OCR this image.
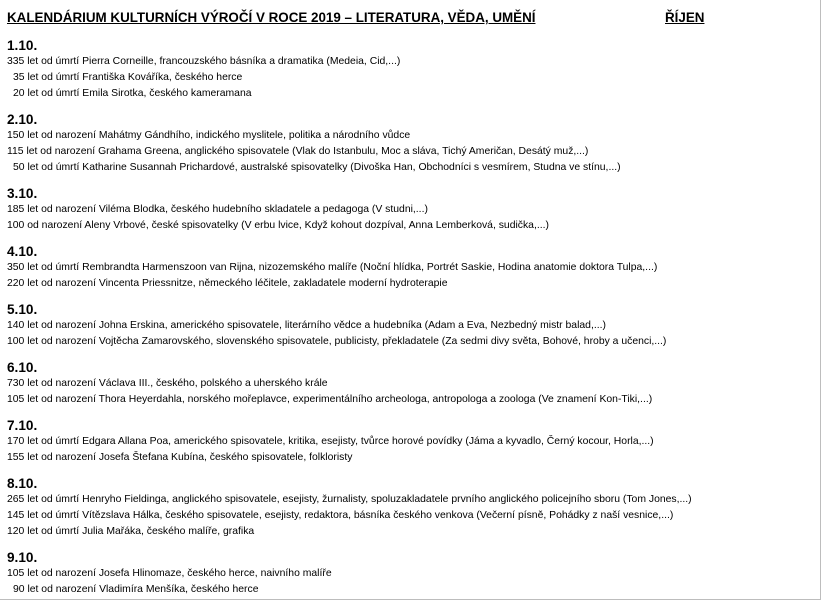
KALENDÁRIUM KULTURNÍCH VÝROČÍ V ROCE 2019 – LITERATURA, VĚDA, UMĚNÍ	ŘÍJEN
1.10.
335 let od úmrtí Pierra Corneille, francouzského básníka a dramatika (Medeia, Cid,...)
35 let od úmrtí Františka Kováříka, českého herce
20 let od úmrtí Emila Sirotka, českého kameramana
2.10.
150 let od narození Mahátmy Gándhího, indického myslitele, politika a národního vůdce
115 let od narození Grahama Greena, anglického spisovatele (Vlak do Istanbulu, Moc a sláva, Tichý Američan, Desátý muž,...)
50 let od úmrtí Katharine Susannah Prichardové, australské spisovatelky (Divoška Han, Obchodníci s vesmírem, Studna ve stínu,...)
3.10.
185 let od narození Viléma Blodka, českého hudebního skladatele a pedagoga (V studni,...)
100 od narození Aleny Vrbové, české spisovatelky (V erbu lvice, Když kohout dozpíval, Anna Lemberková, sudička,...)
4.10.
350 let od úmrtí Rembrandta Harmenszoon van Rijna, nizozemského malíře (Noční hlídka, Portrét Saskie, Hodina anatomie doktora Tulpa,...)
220 let od narození Vincenta Priessnitze, německého léčitele, zakladatele moderní hydroterapie
5.10.
140 let od narození Johna Erskina, amerického spisovatele, literárního vědce a hudebníka (Adam a Eva, Nezbedný mistr balad,...)
100 let od narození Vojtěcha Zamarovského, slovenského spisovatele, publicisty, překladatele (Za sedmi divy světa, Bohové, hroby a učenci,...)
6.10.
730 let od narození Václava III., českého, polského a uherského krále
105 let od narození Thora Heyerdahla, norského mořeplavce, experimentálního archeologa, antropologa a zoologa (Ve znamení Kon-Tiki,...)
7.10.
170 let od úmrtí Edgara Allana Poa, amerického spisovatele, kritika, esejisty, tvůrce horové povídky (Jáma a kyvadlo, Černý kocour, Horla,...)
155 let od narození Josefa Štefana Kubína, českého spisovatele, folkloristy
8.10.
265 let od úmrtí Henryho Fieldinga, anglického spisovatele, esejisty, žurnalisty, spoluzakladatele prvního anglického policejního sboru (Tom Jones,...)
145 let od úmrtí Vítězslava Hálka, českého spisovatele, esejisty, redaktora, básníka českého venkova (Večerní písně, Pohádky z naší vesnice,...)
120 let od úmrtí Julia Mařáka, českého malíře, grafika
9.10.
105 let od narození Josefa Hlinomaze, českého herce, naivního malíře
90 let od narození Vladimíra Menšíka, českého herce
